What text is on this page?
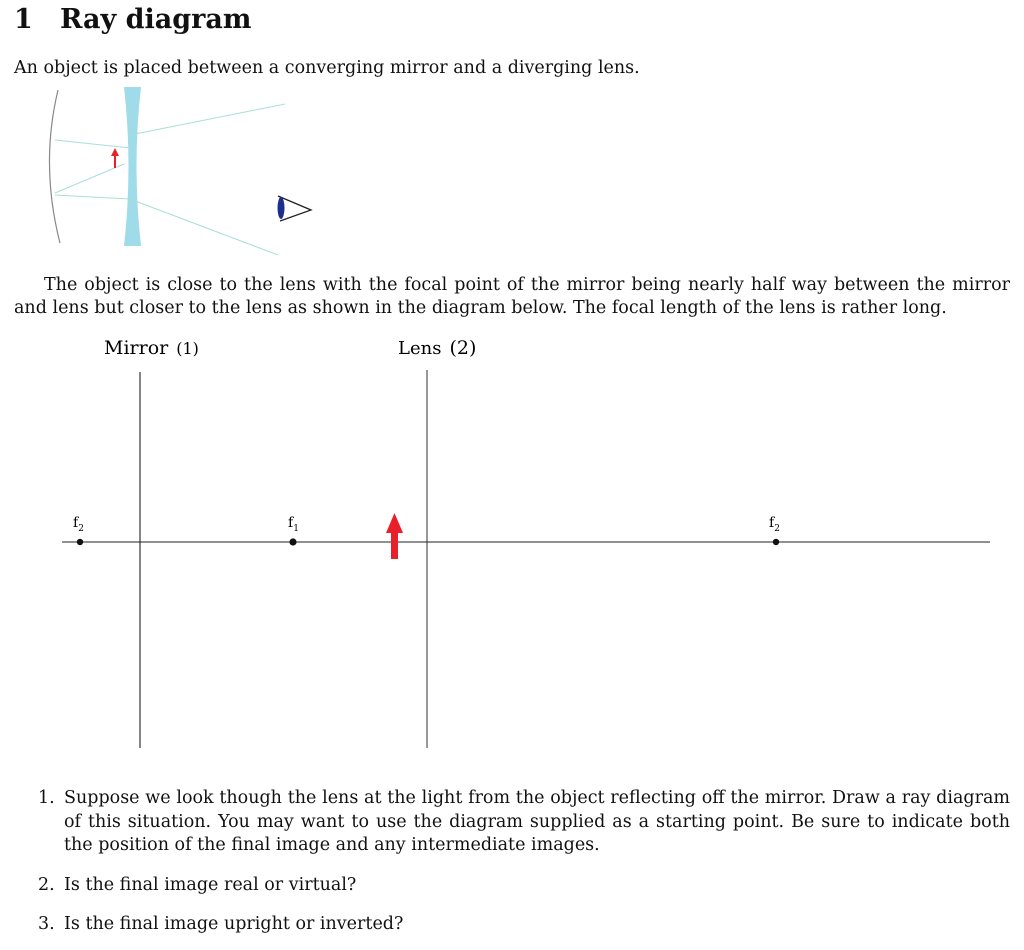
1 Ray diagram

An object is placed between a converging mirror and a diverging lens.

The object is close to the lens with the focal point of the mirror being nearly half way between the mirror and lens but closer to the lens as shown in the diagram below. The focal length of the lens is rather long.

Mirror (1)	Lens (2)
$f_2$	$f_1$	$f_2$
1. Suppose we look though the lens at the light from the object reflecting off the mirror. Draw a ray diagram of this situation. You may want to use the diagram supplied as a starting point. Be sure to indicate both the position of the final image and any intermediate images.
2. Is the final image real or virtual?
3. Is the final image upright or inverted?
